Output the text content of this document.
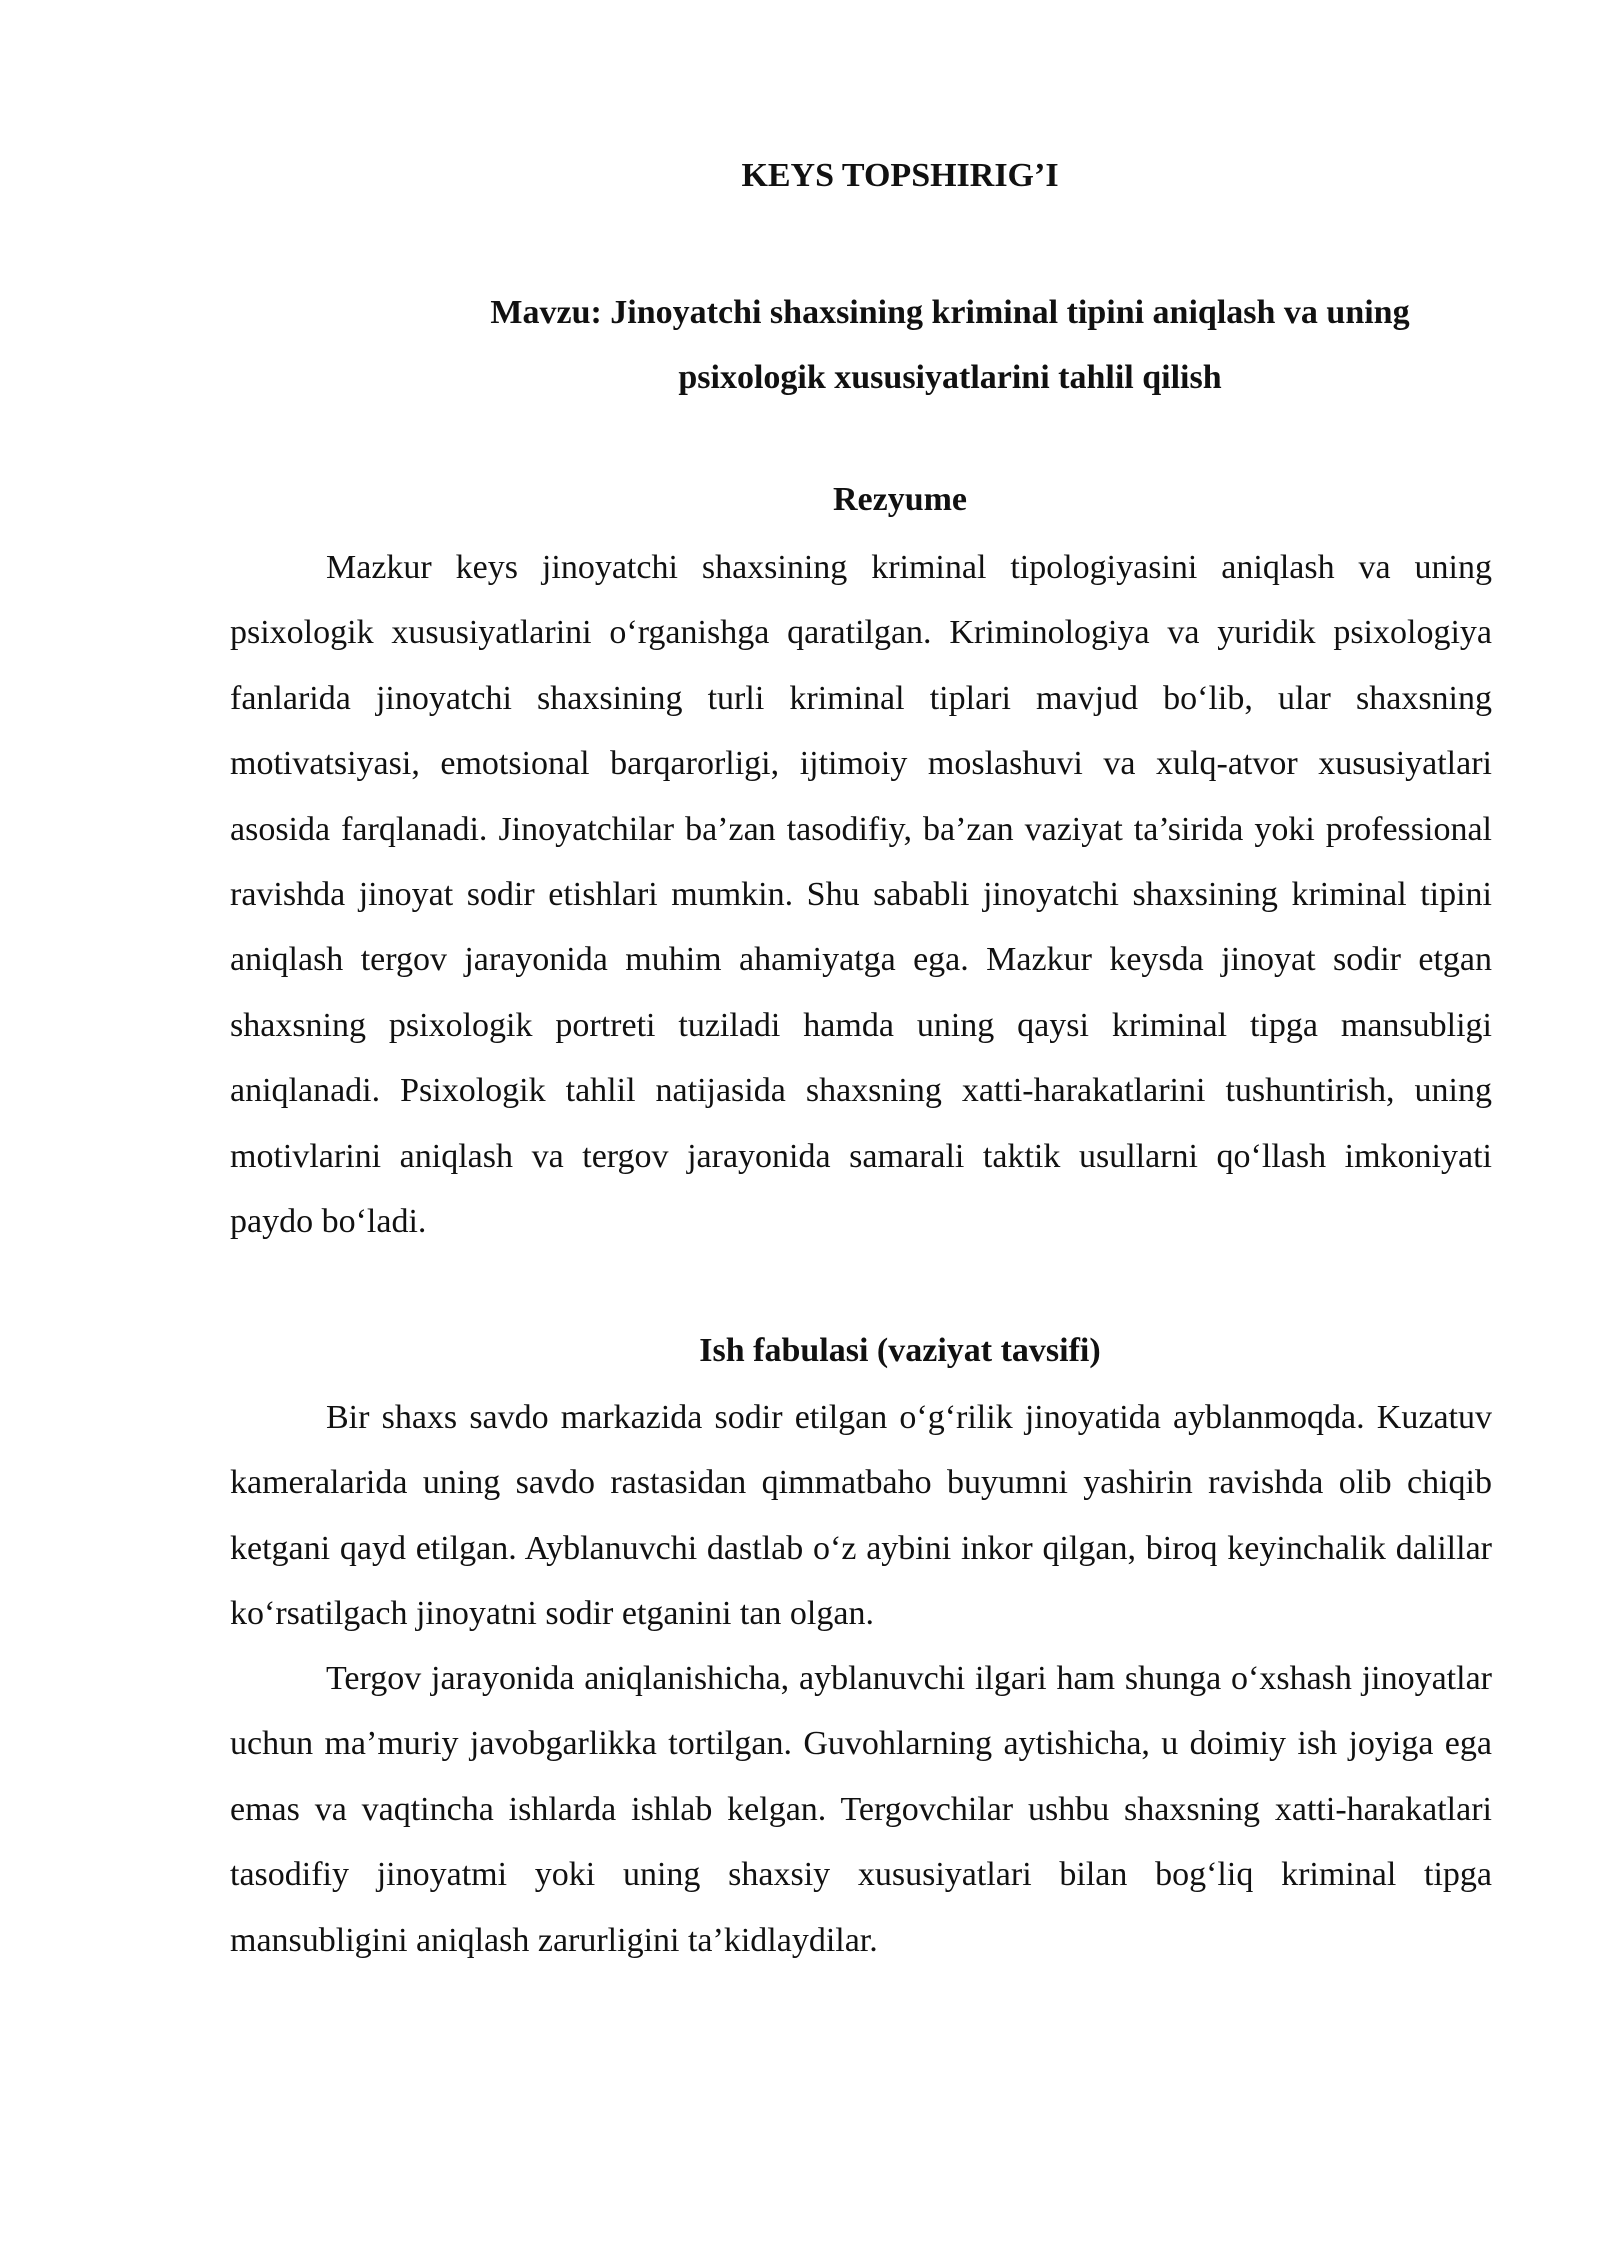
KEYS TOPSHIRIG’I
Mavzu: Jinoyatchi shaxsining kriminal tipini aniqlash va uning
psixologik xususiyatlarini tahlil qilish
Rezyume

Mazkur keys jinoyatchi shaxsining kriminal tipologiyasini aniqlash va uning psixologik xususiyatlarini o‘rganishga qaratilgan. Kriminologiya va yuridik psixologiya fanlarida jinoyatchi shaxsining turli kriminal tiplari mavjud bo‘lib, ular shaxsning motivatsiyasi, emotsional barqarorligi, ijtimoiy moslashuvi va xulq-atvor xususiyatlari asosida farqlanadi. Jinoyatchilar ba’zan tasodifiy, ba’zan vaziyat ta’sirida yoki professional ravishda jinoyat sodir etishlari mumkin. Shu sababli jinoyatchi shaxsining kriminal tipini aniqlash tergov jarayonida muhim ahamiyatga ega. Mazkur keysda jinoyat sodir etgan shaxsning psixologik portreti tuziladi hamda uning qaysi kriminal tipga mansubligi aniqlanadi. Psixologik tahlil natijasida shaxsning xatti-harakatlarini tushuntirish, uning motivlarini aniqlash va tergov jarayonida samarali taktik usullarni qo‘llash imkoniyati paydo bo‘ladi.

Ish fabulasi (vaziyat tavsifi)

Bir shaxs savdo markazida sodir etilgan o‘g‘rilik jinoyatida ayblanmoqda. Kuzatuv kameralarida uning savdo rastasidan qimmatbaho buyumni yashirin ravishda olib chiqib ketgani qayd etilgan. Ayblanuvchi dastlab o‘z aybini inkor qilgan, biroq keyinchalik dalillar ko‘rsatilgach jinoyatni sodir etganini tan olgan.

Tergov jarayonida aniqlanishicha, ayblanuvchi ilgari ham shunga o‘xshash jinoyatlar uchun ma’muriy javobgarlikka tortilgan. Guvohlarning aytishicha, u doimiy ish joyiga ega emas va vaqtincha ishlarda ishlab kelgan. Tergovchilar ushbu shaxsning xatti-harakatlari tasodifiy jinoyatmi yoki uning shaxsiy xususiyatlari bilan bog‘liq kriminal tipga mansubligini aniqlash zarurligini ta’kidlaydilar.
